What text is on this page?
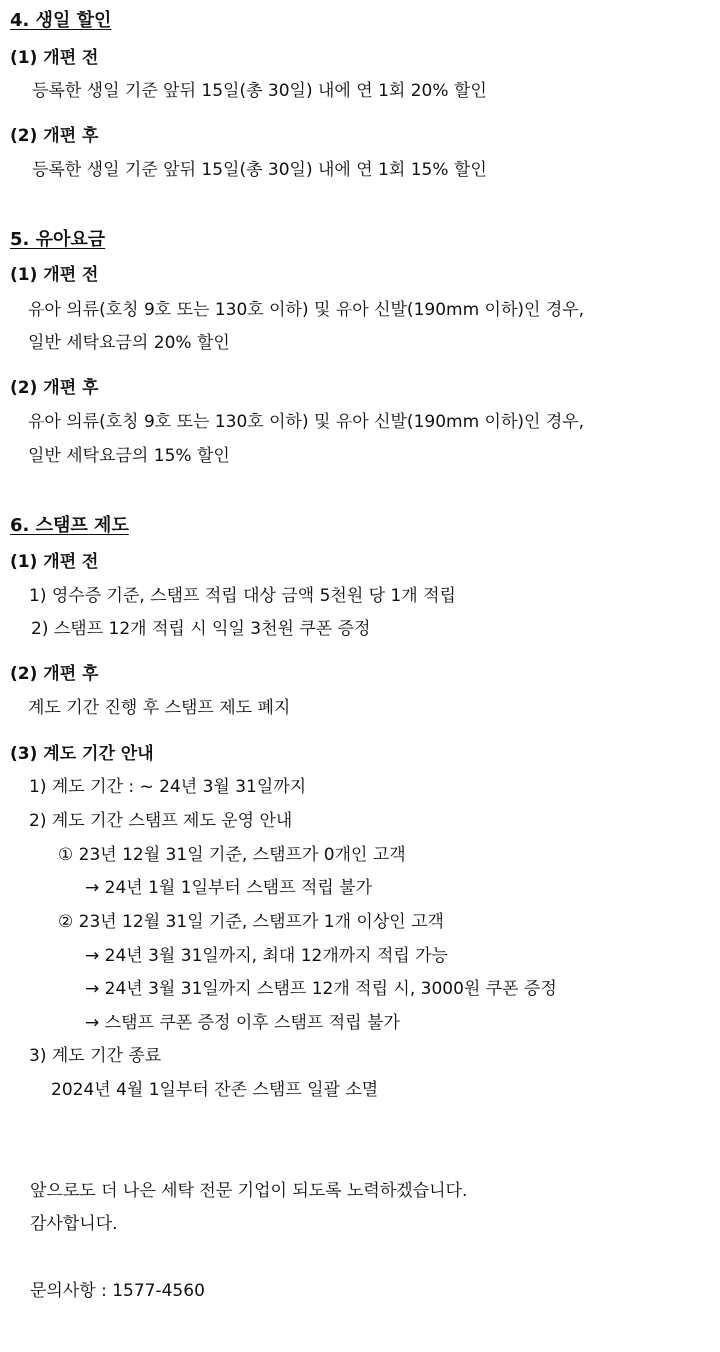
4. 생일 할인
(1) 개편 전
등록한 생일 기준 앞뒤 15일(총 30일) 내에 연 1회 20% 할인
(2) 개편 후
등록한 생일 기준 앞뒤 15일(총 30일) 내에 연 1회 15% 할인
5. 유아요금
(1) 개편 전
유아 의류(호칭 9호 또는 130호 이하) 및 유아 신발(190mm 이하)인 경우,
일반 세탁요금의 20% 할인
(2) 개편 후
유아 의류(호칭 9호 또는 130호 이하) 및 유아 신발(190mm 이하)인 경우,
일반 세탁요금의 15% 할인
6. 스탬프 제도
(1) 개편 전
1) 영수증 기준, 스탬프 적립 대상 금액 5천원 당 1개 적립
2) 스탬프 12개 적립 시 익일 3천원 쿠폰 증정
(2) 개편 후
계도 기간 진행 후 스탬프 제도 폐지
(3) 계도 기간 안내
1) 계도 기간 : ~ 24년 3월 31일까지
2) 계도 기간 스탬프 제도 운영 안내
① 23년 12월 31일 기준, 스탬프가 0개인 고객
→ 24년 1월 1일부터 스탬프 적립 불가
② 23년 12월 31일 기준, 스탬프가 1개 이상인 고객
→ 24년 3월 31일까지, 최대 12개까지 적립 가능
→ 24년 3월 31일까지 스탬프 12개 적립 시, 3000원 쿠폰 증정
→ 스탬프 쿠폰 증정 이후 스탬프 적립 불가
3) 계도 기간 종료
2024년 4월 1일부터 잔존 스탬프 일괄 소멸
앞으로도 더 나은 세탁 전문 기업이 되도록 노력하겠습니다.
감사합니다.
문의사항 : 1577-4560
